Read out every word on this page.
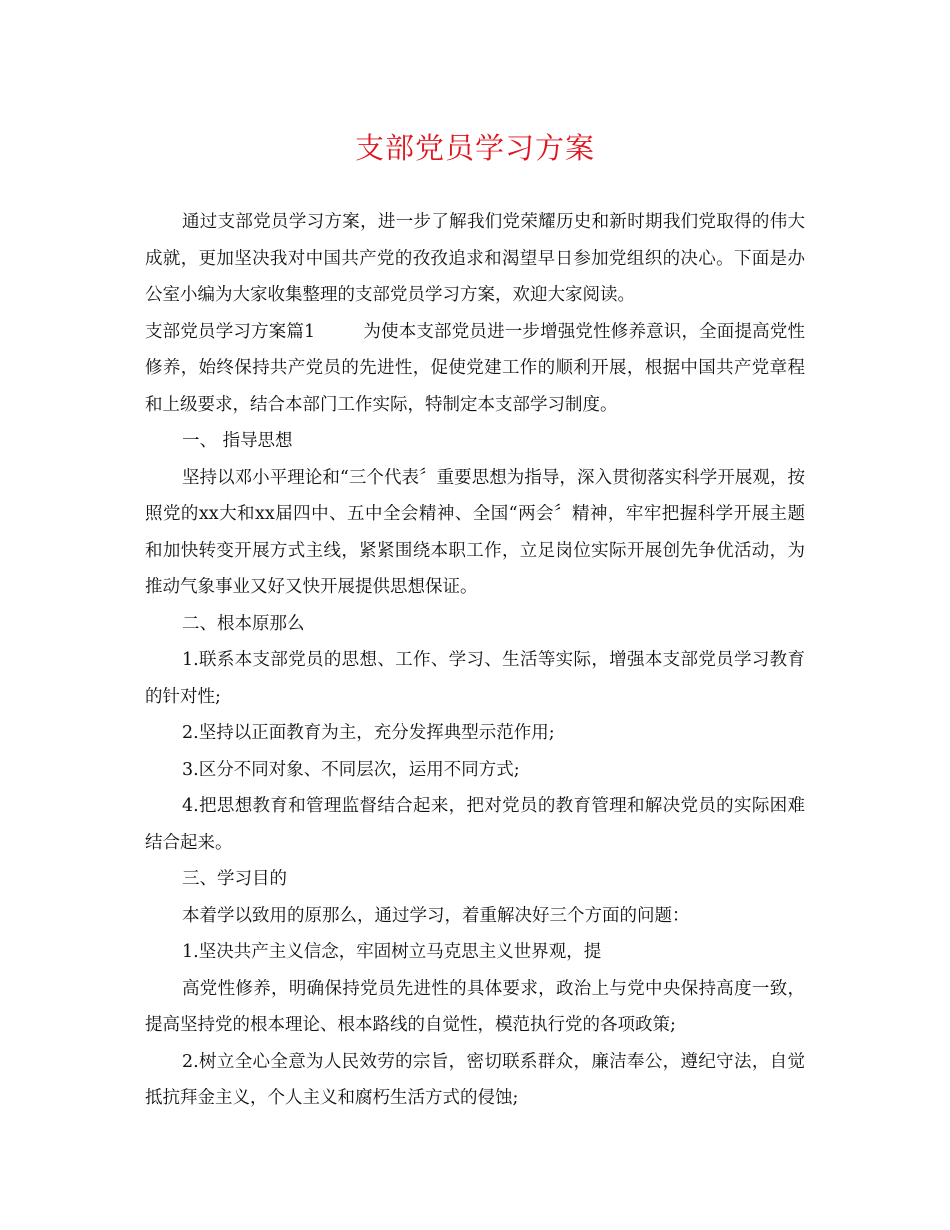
支部党员学习方案

通过支部党员学习方案，进一步了解我们党荣耀历史和新时期我们党取得的伟大成就，更加坚决我对中国共产党的孜孜追求和渴望早日参加党组织的决心。下面是办公室小编为大家收集整理的支部党员学习方案，欢迎大家阅读。

支部党员学习方案篇1	为使本支部党员进一步增强党性修养意识，全面提高党性修养，始终保持共产党员的先进性，促使党建工作的顺利开展，根据中国共产党章程和上级要求，结合本部门工作实际，特制定本支部学习制度。

一、 指导思想

坚持以邓小平理论和“三个代表〞重要思想为指导，深入贯彻落实科学开展观，按照党的xx大和xx届四中、五中全会精神、全国“两会〞精神，牢牢把握科学开展主题和加快转变开展方式主线，紧紧围绕本职工作，立足岗位实际开展创先争优活动，为推动气象事业又好又快开展提供思想保证。

二、根本原那么

1.联系本支部党员的思想、工作、学习、生活等实际，增强本支部党员学习教育的针对性;

2.坚持以正面教育为主，充分发挥典型示范作用;

3.区分不同对象、不同层次，运用不同方式;

4.把思想教育和管理监督结合起来，把对党员的教育管理和解决党员的实际困难结合起来。

三、学习目的

本着学以致用的原那么，通过学习，着重解决好三个方面的问题：

1.坚决共产主义信念，牢固树立马克思主义世界观，提

高党性修养，明确保持党员先进性的具体要求，政治上与党中央保持高度一致，提高坚持党的根本理论、根本路线的自觉性，模范执行党的各项政策;

2.树立全心全意为人民效劳的宗旨，密切联系群众，廉洁奉公，遵纪守法，自觉抵抗拜金主义，个人主义和腐朽生活方式的侵蚀;
